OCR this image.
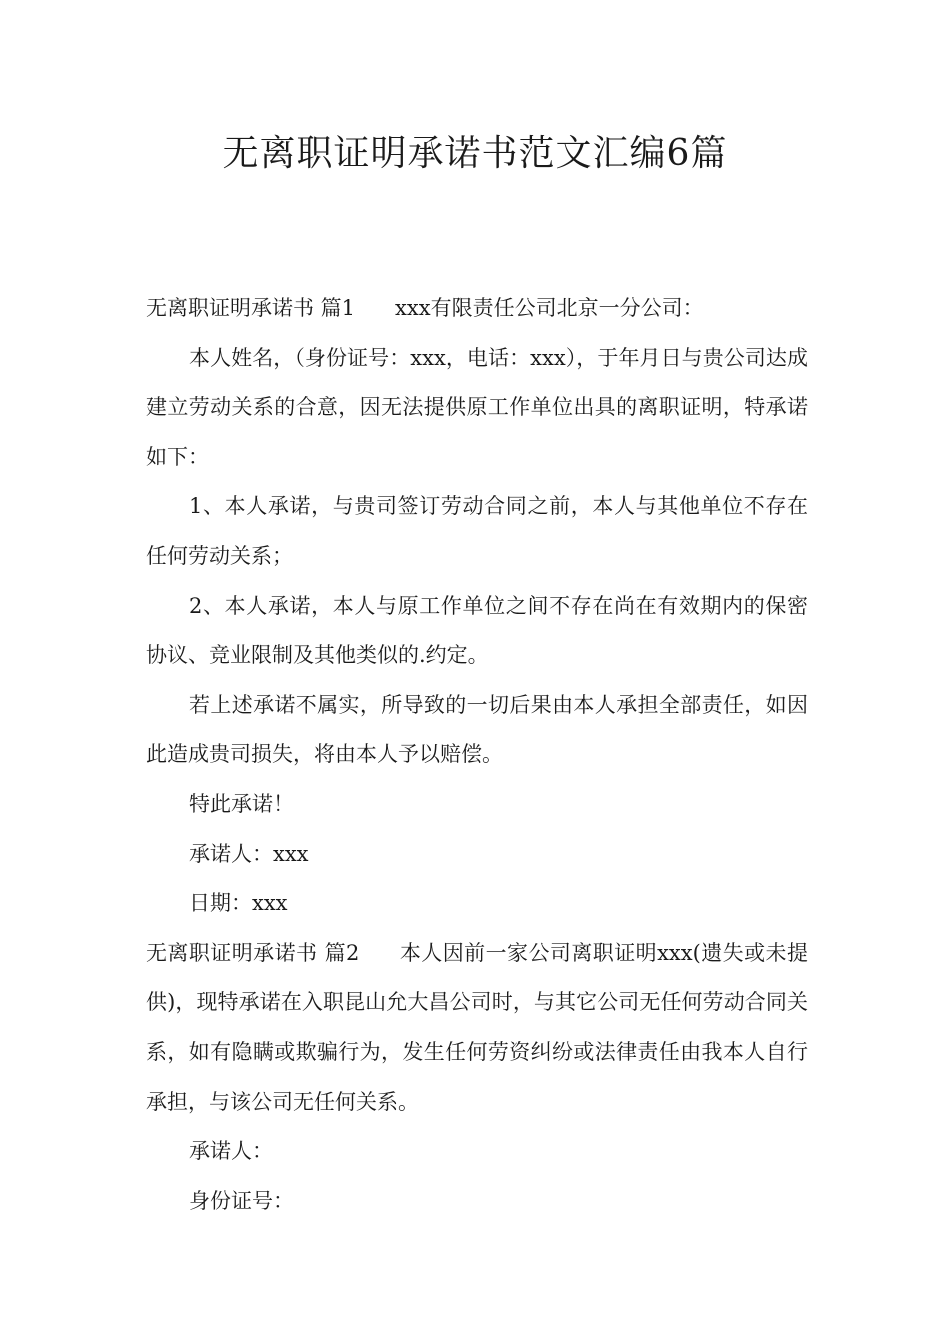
无离职证明承诺书范文汇编6篇

无离职证明承诺书 篇1 xxx有限责任公司北京一分公司：

本人姓名，（身份证号：xxx，电话：xxx），于年月日与贵公司达成建立劳动关系的合意，因无法提供原工作单位出具的离职证明，特承诺如下：

1、本人承诺，与贵司签订劳动合同之前，本人与其他单位不存在任何劳动关系；

2、本人承诺，本人与原工作单位之间不存在尚在有效期内的保密协议、竞业限制及其他类似的.约定。

若上述承诺不属实，所导致的一切后果由本人承担全部责任，如因此造成贵司损失，将由本人予以赔偿。

特此承诺！

承诺人：xxx

日期：xxx

无离职证明承诺书 篇2 本人因前一家公司离职证明xxx(遗失或未提供)，现特承诺在入职昆山允大昌公司时，与其它公司无任何劳动合同关系，如有隐瞒或欺骗行为，发生任何劳资纠纷或法律责任由我本人自行承担，与该公司无任何关系。

承诺人：

身份证号：
